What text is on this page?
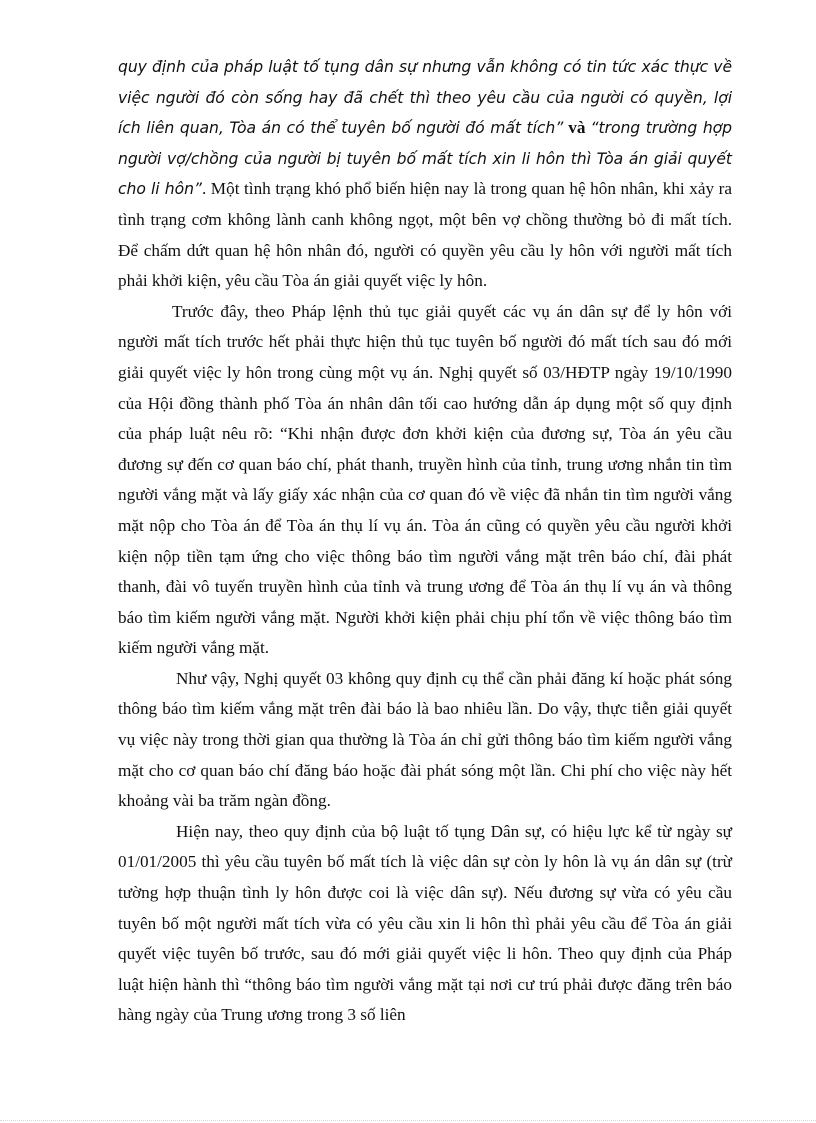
quy định của pháp luật tố tụng dân sự nhưng vẫn không có tin tức xác thực về việc người đó còn sống hay đã chết thì theo yêu cầu của người có quyền, lợi ích liên quan, Tòa án có thể tuyên bố người đó mất tích” và “trong trường hợp người vợ/chồng của người bị tuyên bố mất tích xin li hôn thì Tòa án giải quyết cho li hôn”. Một tình trạng khó phổ biến hiện nay là trong quan hệ hôn nhân, khi xảy ra tình trạng cơm không lành canh không ngọt, một bên vợ chồng thường bỏ đi mất tích. Để chấm dứt quan hệ hôn nhân đó, người có quyền yêu cầu ly hôn với người mất tích phải khởi kiện, yêu cầu Tòa án giải quyết việc ly hôn.

Trước đây, theo Pháp lệnh thủ tục giải quyết các vụ án dân sự để ly hôn với người mất tích trước hết phải thực hiện thủ tục tuyên bố người đó mất tích sau đó mới giải quyết việc ly hôn trong cùng một vụ án. Nghị quyết số 03/HĐTP ngày 19/10/1990 của Hội đồng thành phố Tòa án nhân dân tối cao hướng dẫn áp dụng một số quy định của pháp luật nêu rõ: “Khi nhận được đơn khởi kiện của đương sự, Tòa án yêu cầu đương sự đến cơ quan báo chí, phát thanh, truyền hình của tỉnh, trung ương nhắn tin tìm người vắng mặt và lấy giấy xác nhận của cơ quan đó về việc đã nhắn tin tìm người vắng mặt nộp cho Tòa án để Tòa án thụ lí vụ án. Tòa án cũng có quyền yêu cầu người khởi kiện nộp tiền tạm ứng cho việc thông báo tìm người vắng mặt trên báo chí, đài phát thanh, đài vô tuyến truyền hình của tỉnh và trung ương để Tòa án thụ lí vụ án và thông báo tìm kiếm người vắng mặt. Người khởi kiện phải chịu phí tổn về việc thông báo tìm kiếm người vắng mặt.

Như vậy, Nghị quyết 03 không quy định cụ thể cần phải đăng kí hoặc phát sóng thông báo tìm kiếm vắng mặt trên đài báo là bao nhiêu lần. Do vậy, thực tiễn giải quyết vụ việc này trong thời gian qua thường là Tòa án chỉ gửi thông báo tìm kiếm người vắng mặt cho cơ quan báo chí đăng báo hoặc đài phát sóng một lần. Chi phí cho việc này hết khoảng vài ba trăm ngàn đồng.

Hiện nay, theo quy định của bộ luật tố tụng Dân sự, có hiệu lực kể từ ngày sự 01/01/2005 thì yêu cầu tuyên bố mất tích là việc dân sự còn ly hôn là vụ án dân sự (trừ tường hợp thuận tình ly hôn được coi là việc dân sự). Nếu đương sự vừa có yêu cầu tuyên bố một người mất tích vừa có yêu cầu xin li hôn thì phải yêu cầu để Tòa án giải quyết việc tuyên bố trước, sau đó mới giải quyết việc li hôn. Theo quy định của Pháp luật hiện hành thì “thông báo tìm người vắng mặt tại nơi cư trú phải được đăng trên báo hàng ngày của Trung ương trong 3 số liên
